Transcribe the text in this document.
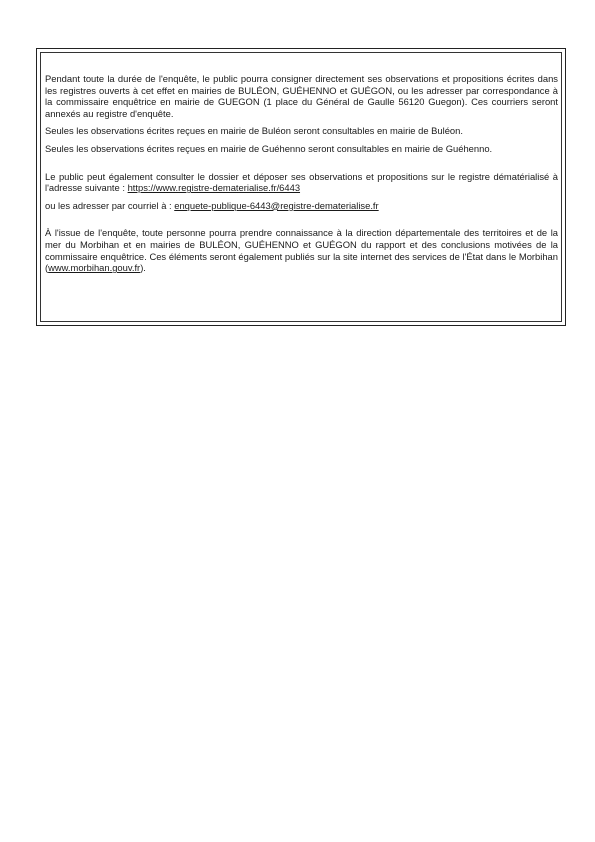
Pendant toute la durée de l'enquête, le public pourra consigner directement ses observations et propositions écrites dans les registres ouverts à cet effet en mairies de BULÉON, GUÉHENNO et GUÉGON, ou les adresser par correspondance à la commissaire enquêtrice en mairie de GUEGON (1 place du Général de Gaulle 56120 Guegon). Ces courriers seront annexés au registre d'enquête.

Seules les observations écrites reçues en mairie de Buléon seront consultables en mairie de Buléon.

Seules les observations écrites reçues en mairie de Guéhenno seront consultables en mairie de Guéhenno.

Le public peut également consulter le dossier et déposer ses observations et propositions sur le registre dématérialisé à l'adresse suivante : https://www.registre-dematerialise.fr/6443

ou les adresser par courriel à : enquete-publique-6443@registre-dematerialise.fr

À l'issue de l'enquête, toute personne pourra prendre connaissance à la direction départementale des territoires et de la mer du Morbihan et en mairies de BULÉON, GUÉHENNO et GUÉGON du rapport et des conclusions motivées de la commissaire enquêtrice. Ces éléments seront également publiés sur la site internet des services de l'État dans le Morbihan (www.morbihan.gouv.fr).
